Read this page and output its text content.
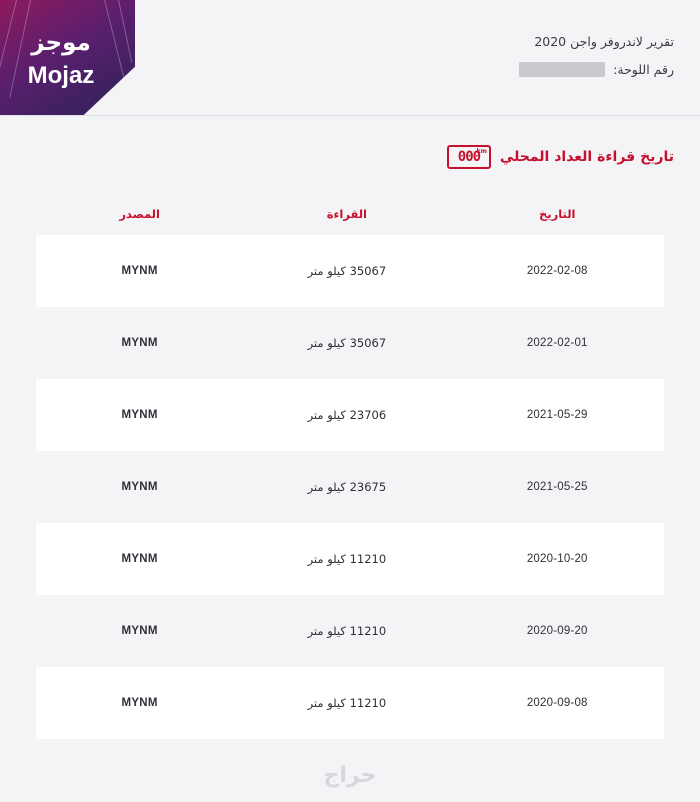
موجز
Mojaz
تقرير لاندروفر واجن 2020
رقم اللوحة:
تاريخ قراءة العداد المحلي
000
km
التاريخ
القراءة
المصدر
2022-02-08
35067 كيلو متر
MYNM
2022-02-01
35067 كيلو متر
MYNM
2021-05-29
23706 كيلو متر
MYNM
2021-05-25
23675 كيلو متر
MYNM
2020-10-20
11210 كيلو متر
MYNM
2020-09-20
11210 كيلو متر
MYNM
2020-09-08
11210 كيلو متر
MYNM
حراج
